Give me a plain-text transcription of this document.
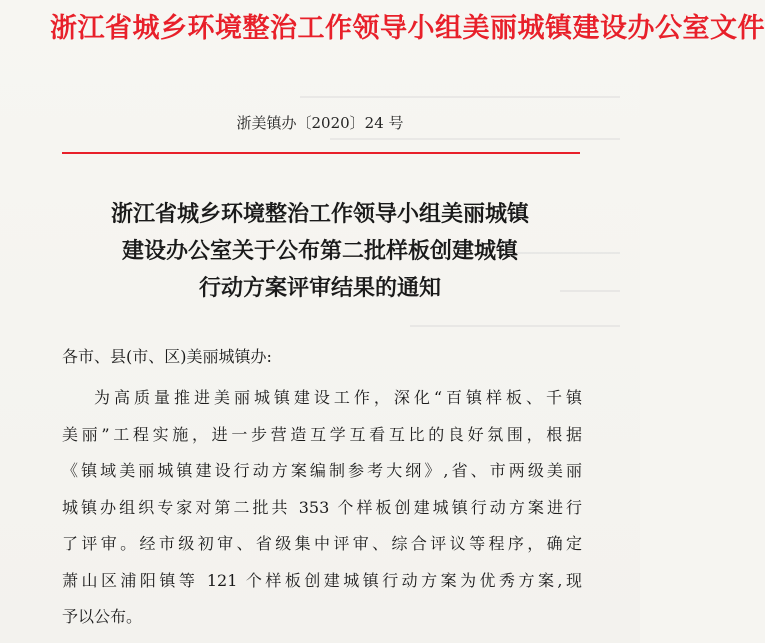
浙江省城乡环境整治工作领导小组美丽城镇建设办公室文件
浙美镇办〔2020〕24 号
浙江省城乡环境整治工作领导小组美丽城镇
建设办公室关于公布第二批样板创建城镇
行动方案评审结果的通知
各市、县(市、区)美丽城镇办:
为高质量推进美丽城镇建设工作，深化“百镇样板、千镇
美丽”工程实施，进一步营造互学互看互比的良好氛围，根据
《镇域美丽城镇建设行动方案编制参考大纲》,省、市两级美丽
城镇办组织专家对第二批共 353 个样板创建城镇行动方案进行
了评审。经市级初审、省级集中评审、综合评议等程序，确定
萧山区浦阳镇等 121 个样板创建城镇行动方案为优秀方案,现
予以公布。
